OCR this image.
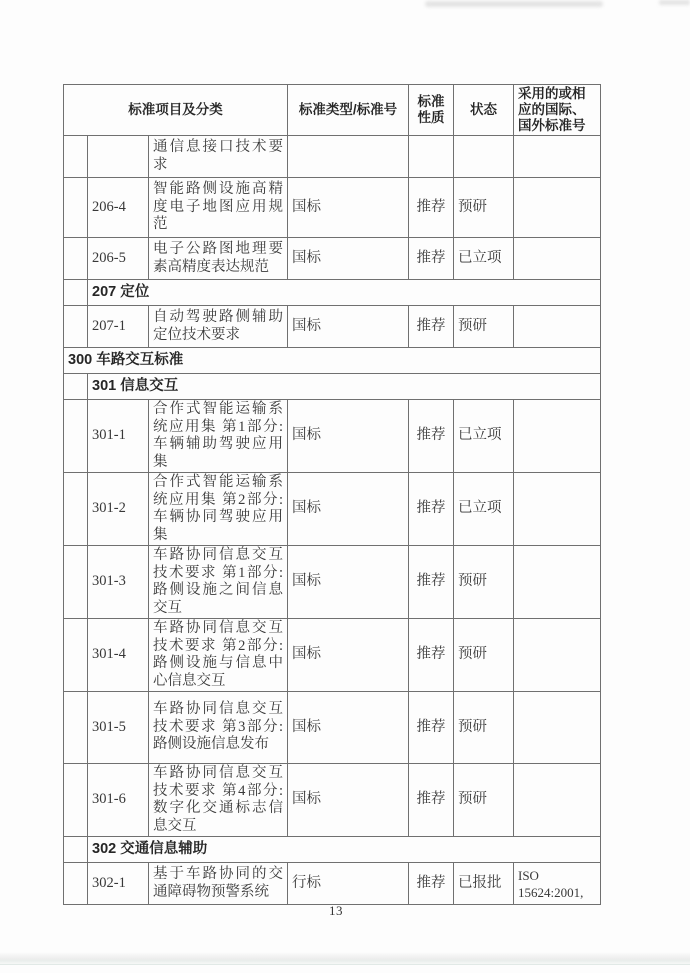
标准项目及分类			标准类型/标准号	标准性质	状态	采用的或相应的国际、国外标准号
		通信息接口技术要求				
	206-4	智能路侧设施高精度电子地图应用规范	国标	推荐	预研	
	206-5	电子公路图地理要素高精度表达规范	国标	推荐	已立项	
	207 定位					
	207-1	自动驾驶路侧辅助定位技术要求	国标	推荐	预研	
300 车路交互标准						
	301 信息交互					
	301-1	合作式智能运输系统应用集 第1部分: 车辆辅助驾驶应用集	国标	推荐	已立项	
	301-2	合作式智能运输系统应用集 第2部分: 车辆协同驾驶应用集	国标	推荐	已立项	
	301-3	车路协同信息交互技术要求 第1部分: 路侧设施之间信息交互	国标	推荐	预研	
	301-4	车路协同信息交互技术要求 第2部分: 路侧设施与信息中心信息交互	国标	推荐	预研	
	301-5	车路协同信息交互技术要求 第3部分: 路侧设施信息发布	国标	推荐	预研	
	301-6	车路协同信息交互技术要求 第4部分: 数字化交通标志信息交互	国标	推荐	预研	
	302 交通信息辅助					
	302-1	基于车路协同的交通障碍物预警系统	行标	推荐	已报批	ISO 15624:2001,
13
